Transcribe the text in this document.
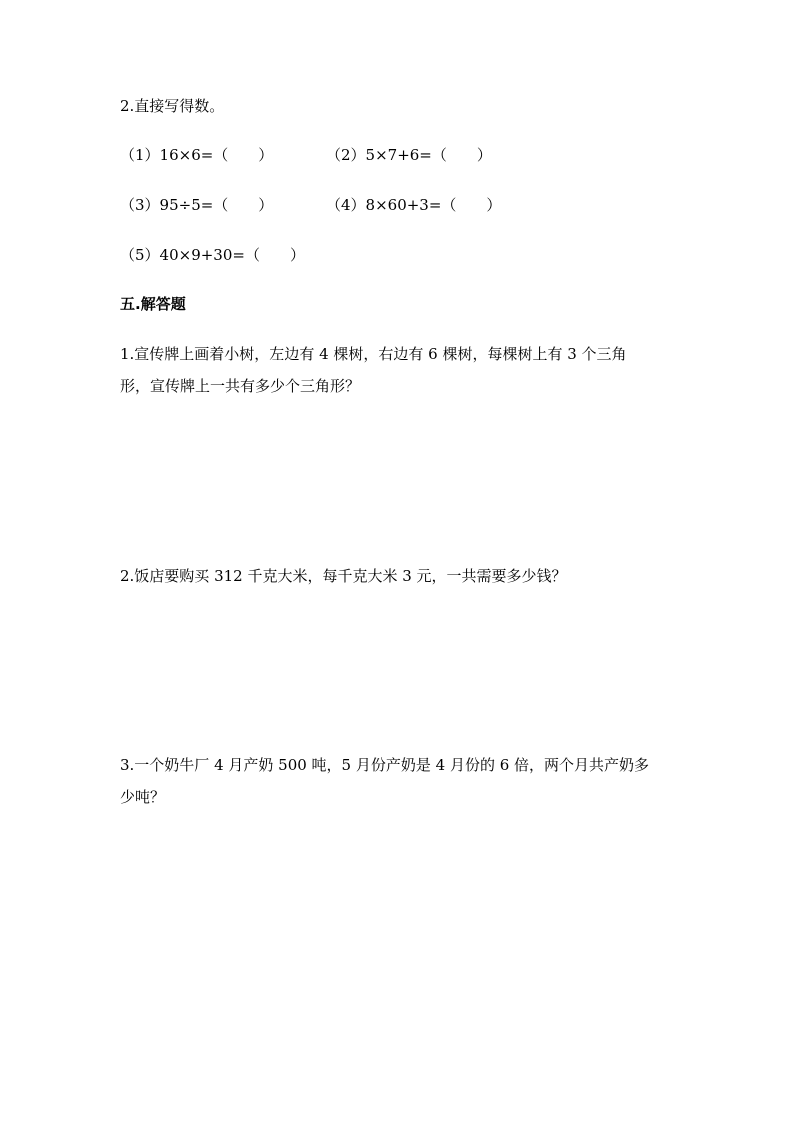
2.直接写得数。
（1）16×6=（　　）	（2）5×7+6=（　　）
（3）95÷5=（　　）	（4）8×60+3=（　　）
（5）40×9+30=（　　）
五.解答题
1.宣传牌上画着小树，左边有 4 棵树，右边有 6 棵树，每棵树上有 3 个三角
形，宣传牌上一共有多少个三角形？
2.饭店要购买 312 千克大米，每千克大米 3 元，一共需要多少钱？
3.一个奶牛厂 4 月产奶 500 吨，5 月份产奶是 4 月份的 6 倍，两个月共产奶多
少吨？
